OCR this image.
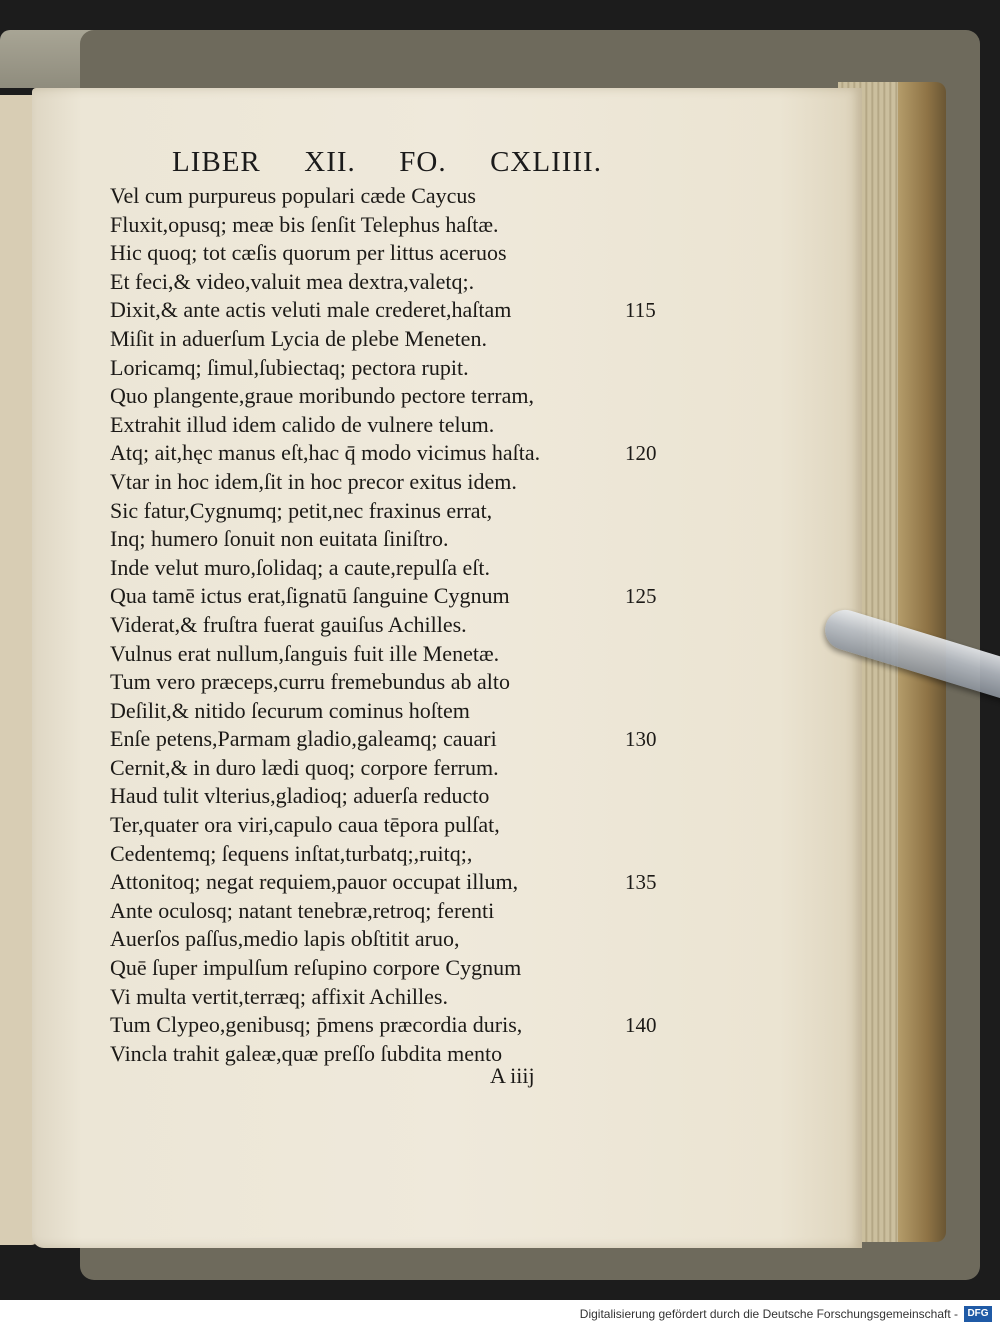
LIBER XII. FO. CXLIIII.
Vel cum purpureus populari cæde Caycus
Fluxit,opusq; meæ bis ſenſit Telephus haſtæ.
Hic quoq; tot cæſis quorum per littus aceruos
Et feci,& video,valuit mea dextra,valetq;.
Dixit,& ante actis veluti male crederet,haſtam	115
Miſit in aduerſum Lycia de plebe Meneten.
Loricamq; ſimul,ſubiectaq; pectora rupit.
Quo plangente,graue moribundo pectore terram,
Extrahit illud idem calido de vulnere telum.
Atq; ait,hęc manus eſt,hac q̄ modo vicimus haſta.	120
Vtar in hoc idem,ſit in hoc precor exitus idem.
Sic fatur,Cygnumq; petit,nec fraxinus errat,
Inq; humero ſonuit non euitata ſiniſtro.
Inde velut muro,ſolidaq; a caute,repulſa eſt.
Qua tamē ictus erat,ſignatū ſanguine Cygnum	125
Viderat,& fruſtra fuerat gauiſus Achilles.
Vulnus erat nullum,ſanguis fuit ille Menetæ.
Tum vero præceps,curru fremebundus ab alto
Deſilit,& nitido ſecurum cominus hoſtem
Enſe petens,Parmam gladio,galeamq; cauari	130
Cernit,& in duro lædi quoq; corpore ferrum.
Haud tulit vlterius,gladioq; aduerſa reducto
Ter,quater ora viri,capulo caua tēpora pulſat,
Cedentemq; ſequens inſtat,turbatq;,ruitq;,
Attonitoq; negat requiem,pauor occupat illum,	135
Ante oculosq; natant tenebræ,retroq; ferenti
Auerſos paſſus,medio lapis obſtitit aruo,
Quē ſuper impulſum reſupino corpore Cygnum
Vi multa vertit,terræq; affixit Achilles.
Tum Clypeo,genibusq; p̄mens præcordia duris,	140
Vincla trahit galeæ,quæ preſſo ſubdita mento
A iiij
Digitalisierung gefördert durch die Deutsche Forschungsgemeinschaft - DFG
